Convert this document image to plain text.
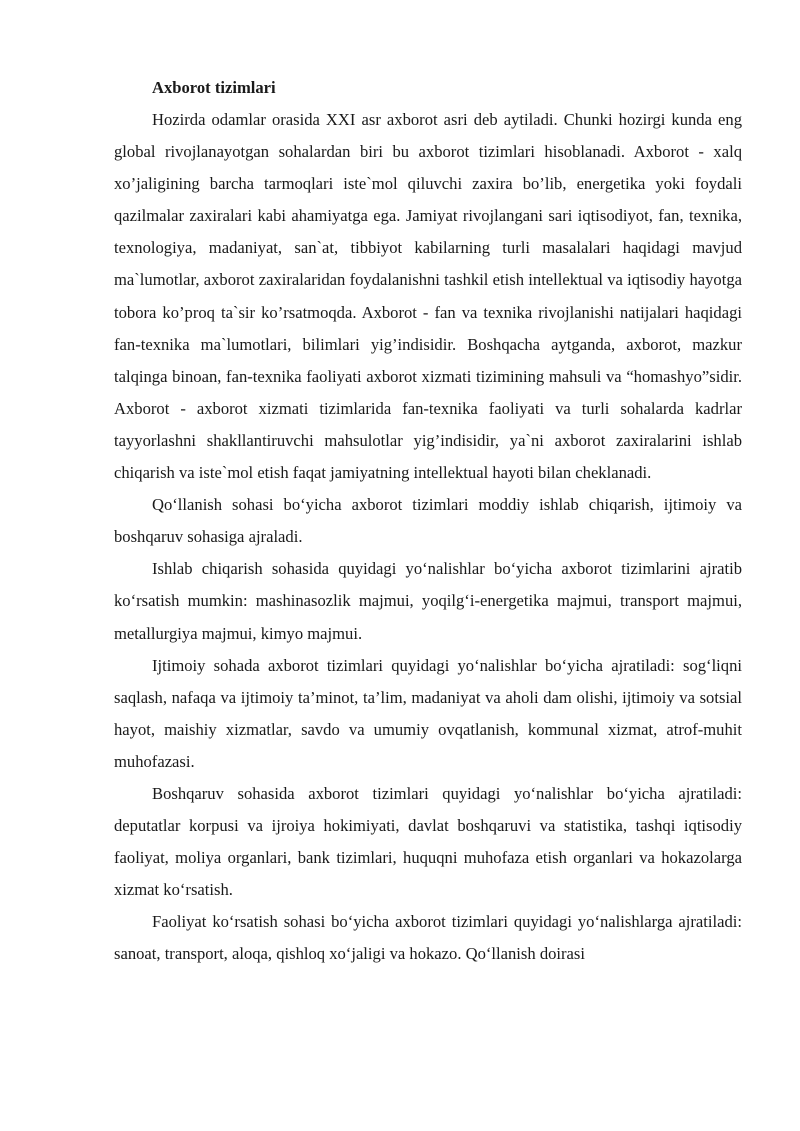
Axborot tizimlari

Hozirda odamlar orasida XXI asr axborot asri deb aytiladi. Chunki hozirgi kunda eng global rivojlanayotgan sohalardan biri bu axborot tizimlari hisoblanadi. Axborot - xalq xo’jaligining barcha tarmoqlari iste`mol qiluvchi zaxira bo’lib, energetika yoki foydali qazilmalar zaxiralari kabi ahamiyatga ega. Jamiyat rivojlangani sari iqtisodiyot, fan, texnika, texnologiya, madaniyat, san`at, tibbiyot kabilarning turli masalalari haqidagi mavjud ma`lumotlar, axborot zaxiralaridan foydalanishni tashkil etish intellektual va iqtisodiy hayotga tobora ko’proq ta`sir ko’rsatmoqda. Axborot - fan va texnika rivojlanishi natijalari haqidagi fan-texnika ma`lumotlari, bilimlari yig’indisidir. Boshqacha aytganda, axborot, mazkur talqinga binoan, fan-texnika faoliyati axborot xizmati tizimining mahsuli va “homashyo”sidir. Axborot - axborot xizmati tizimlarida fan-texnika faoliyati va turli sohalarda kadrlar tayyorlashni shakllantiruvchi mahsulotlar yig’indisidir, ya`ni axborot zaxiralarini ishlab chiqarish va iste`mol etish faqat jamiyatning intellektual hayoti bilan cheklanadi.

Qo‘llanish sohasi bo‘yicha axborot tizimlari moddiy ishlab chiqarish, ijtimoiy va boshqaruv sohasiga ajraladi.

Ishlab chiqarish sohasida quyidagi yo‘nalishlar bo‘yicha axborot tizimlarini ajratib ko‘rsatish mumkin: mashinasozlik majmui, yoqilg‘i-energetika majmui, transport majmui, metallurgiya majmui, kimyo majmui.

Ijtimoiy sohada axborot tizimlari quyidagi yo‘nalishlar bo‘yicha ajratiladi: sog‘liqni saqlash, nafaqa va ijtimoiy ta’minot, ta’lim, madaniyat va aholi dam olishi, ijtimoiy va sotsial hayot, maishiy xizmatlar, savdo va umumiy ovqatlanish, kommunal xizmat, atrof-muhit muhofazasi.

Boshqaruv sohasida axborot tizimlari quyidagi yo‘nalishlar bo‘yicha ajratiladi: deputatlar korpusi va ijroiya hokimiyati, davlat boshqaruvi va statistika, tashqi iqtisodiy faoliyat, moliya organlari, bank tizimlari, huquqni muhofaza etish organlari va hokazolarga xizmat ko‘rsatish.

Faoliyat ko‘rsatish sohasi bo‘yicha axborot tizimlari quyidagi yo‘nalishlarga ajratiladi: sanoat, transport, aloqa, qishloq xo‘jaligi va hokazo. Qo‘llanish doirasi
